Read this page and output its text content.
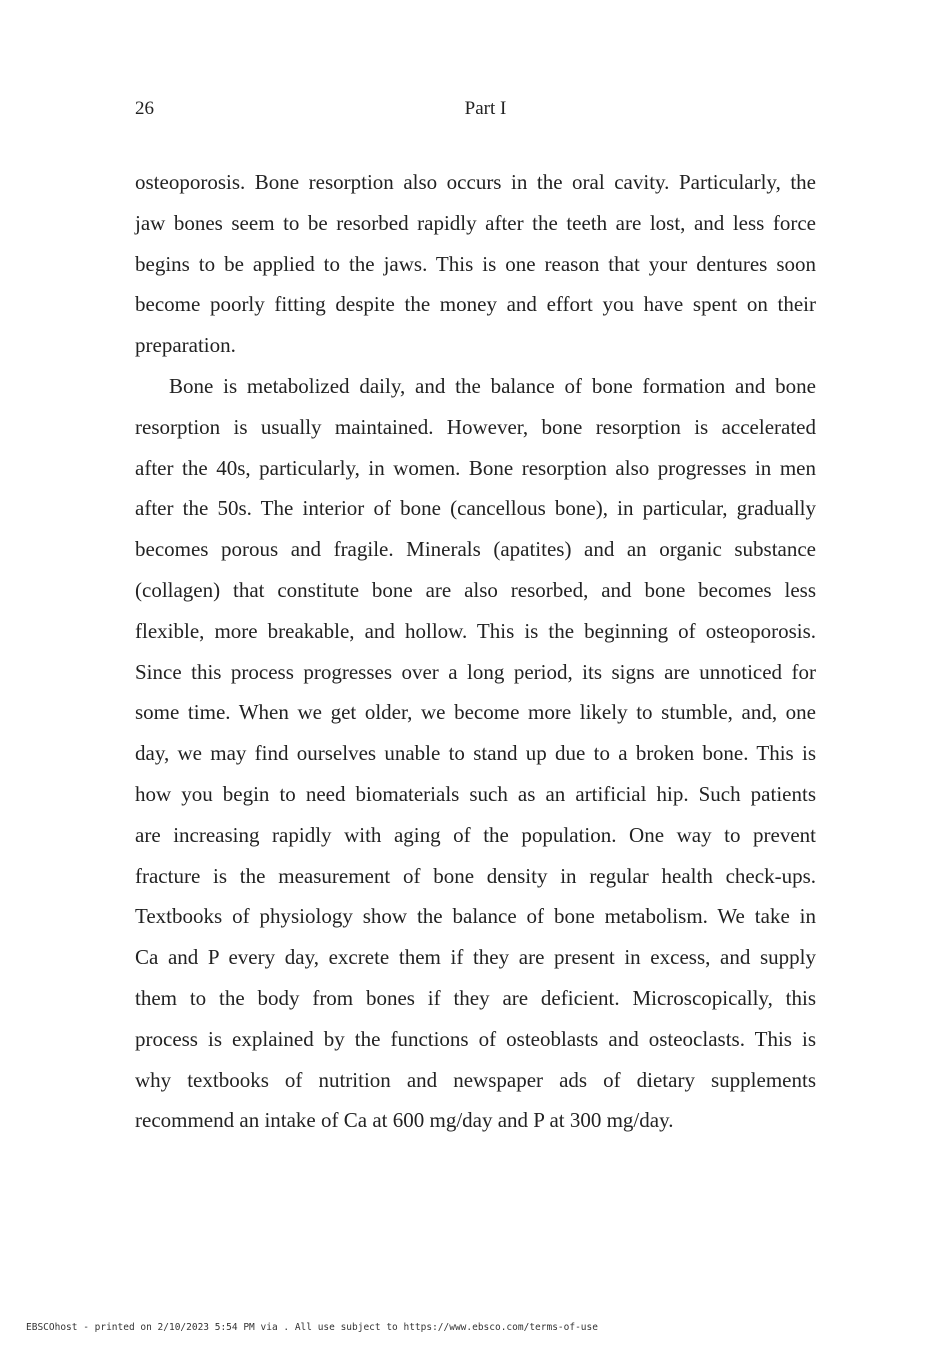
26	Part I
osteoporosis. Bone resorption also occurs in the oral cavity. Particularly, the
jaw bones seem to be resorbed rapidly after the teeth are lost, and less force
begins to be applied to the jaws. This is one reason that your dentures soon
become poorly fitting despite the money and effort you have spent on their
preparation.
Bone is metabolized daily, and the balance of bone formation and bone
resorption is usually maintained. However, bone resorption is accelerated
after the 40s, particularly, in women. Bone resorption also progresses in men
after the 50s. The interior of bone (cancellous bone), in particular, gradually
becomes porous and fragile. Minerals (apatites) and an organic substance
(collagen) that constitute bone are also resorbed, and bone becomes less
flexible, more breakable, and hollow. This is the beginning of osteoporosis.
Since this process progresses over a long period, its signs are unnoticed for
some time. When we get older, we become more likely to stumble, and, one
day, we may find ourselves unable to stand up due to a broken bone. This is
how you begin to need biomaterials such as an artificial hip. Such patients
are increasing rapidly with aging of the population. One way to prevent
fracture is the measurement of bone density in regular health check-ups.
Textbooks of physiology show the balance of bone metabolism. We take in
Ca and P every day, excrete them if they are present in excess, and supply
them to the body from bones if they are deficient. Microscopically, this
process is explained by the functions of osteoblasts and osteoclasts. This is
why textbooks of nutrition and newspaper ads of dietary supplements
recommend an intake of Ca at 600 mg/day and P at 300 mg/day.
EBSCOhost - printed on 2/10/2023 5:54 PM via . All use subject to https://www.ebsco.com/terms-of-use
